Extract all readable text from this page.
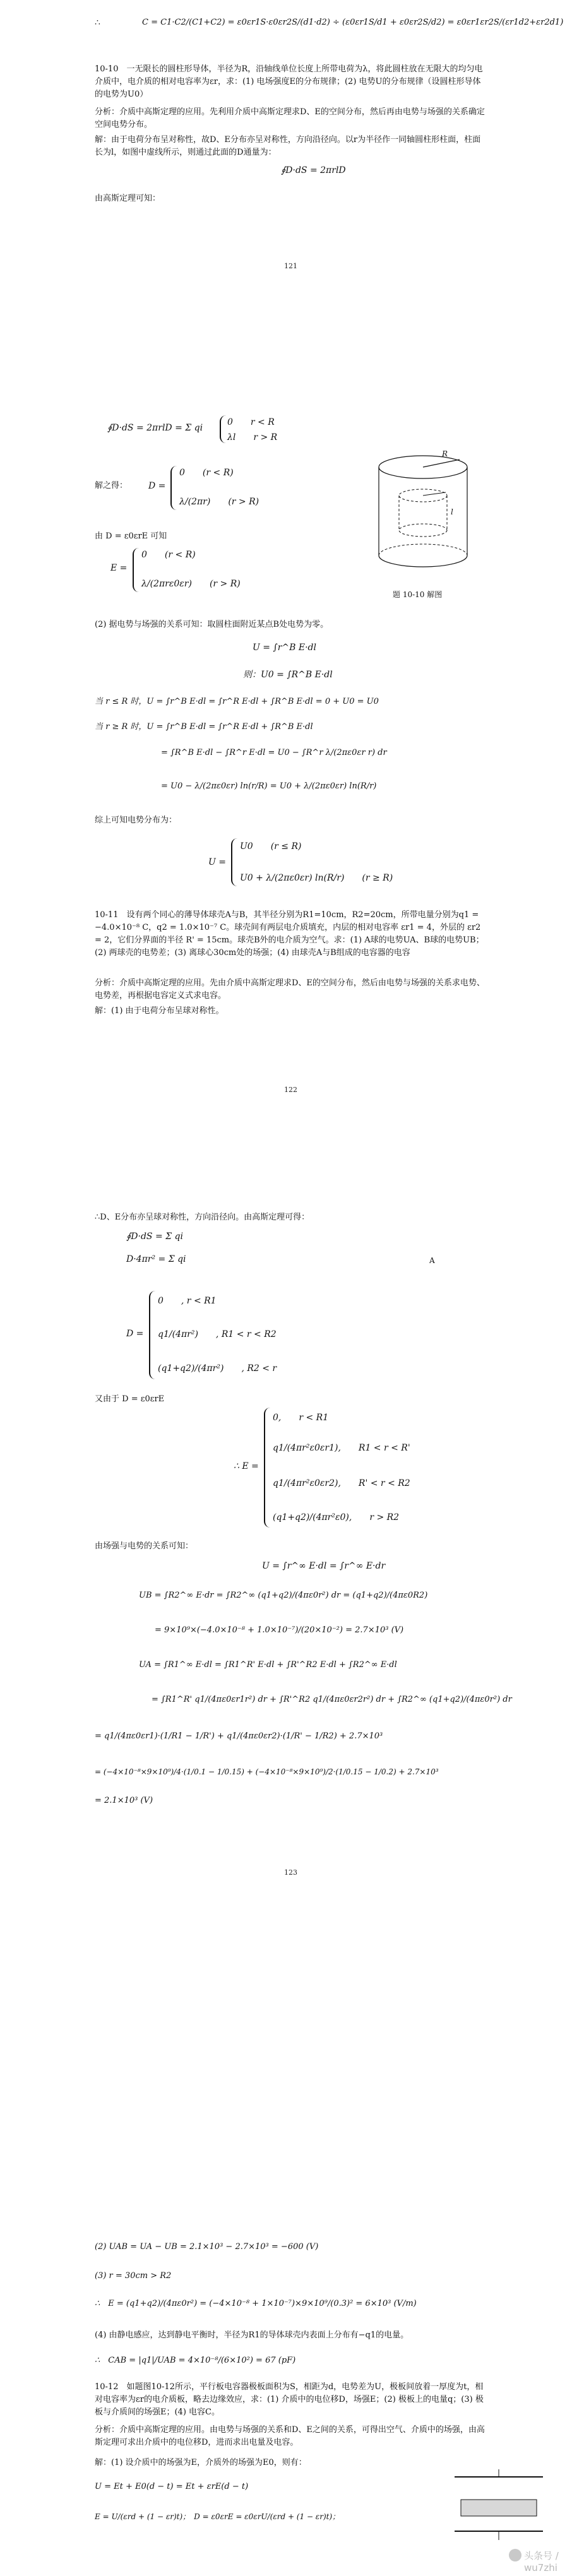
∴	C = C1·C2/(C1+C2) = ε0εr1S·ε0εr2S/(d1·d2) ÷ (ε0εr1S/d1 + ε0εr2S/d2) = ε0εr1εr2S/(εr1d2+εr2d1)
10-10　一无限长的圆柱形导体，半径为R，沿轴线单位长度上所带电荷为λ，将此圆柱放在无限大的均匀电介质中，电介质的相对电容率为εr，求：(1) 电场强度E的分布规律；(2) 电势U的分布规律（设圆柱形导体的电势为U0）
分析：介质中高斯定理的应用。先利用介质中高斯定理求D、E的空间分布，然后再由电势与场强的关系确定空间电势分布。
解：由于电荷分布呈对称性，故D、E分布亦呈对称性，方向沿径向。以r为半径作一同轴圆柱形柱面，柱面长为l，如图中虚线所示，则通过此面的D通量为：
∮D·dS = 2πrlD
由高斯定理可知：
121
∮D·dS = 2πrlD = Σ qi
0　　r < R
λl　　r > R
解之得： D =
0　　(r < R)
λ/(2πr)　　(r > R)
由 D = ε0εrE 可知
E =
0　　(r < R)
λ/(2πrε0εr)　　(r > R)
R
l
题 10-10 解图
(2) 据电势与场强的关系可知：取圆柱面附近某点B处电势为零。
U = ∫r^B E·dl
则：U0 = ∫R^B E·dl
当 r ≤ R 时，U = ∫r^B E·dl = ∫r^R E·dl + ∫R^B E·dl = 0 + U0 = U0
当 r ≥ R 时，U = ∫r^B E·dl = ∫r^R E·dl + ∫R^B E·dl
= ∫R^B E·dl − ∫R^r E·dl = U0 − ∫R^r λ/(2πε0εr r) dr
= U0 − λ/(2πε0εr) ln(r/R) = U0 + λ/(2πε0εr) ln(R/r)
综上可知电势分布为：
U =
U0　　(r ≤ R)
U0 + λ/(2πε0εr) ln(R/r)　　(r ≥ R)
10-11　设有两个同心的薄导体球壳A与B，其半径分别为R1=10cm，R2=20cm，所带电量分别为q1 = −4.0×10⁻⁸ C，q2 = 1.0×10⁻⁷ C。球壳间有两层电介质填充，内层的相对电容率 εr1 = 4，外层的 εr2 = 2，它们分界面的半径 R' = 15cm。球壳B外的电介质为空气。求：(1) A球的电势UA、B球的电势UB；(2) 两球壳的电势差；(3) 离球心30cm处的场强；(4) 由球壳A与B组成的电容器的电容
分析：介质中高斯定理的应用。先由介质中高斯定理求D、E的空间分布，然后由电势与场强的关系求电势、电势差，再根据电容定义式求电容。
解：(1) 由于电荷分布呈球对称性。
122
∴D、E分布亦呈球对称性，方向沿径向。由高斯定理可得：
∮D·dS = Σ qi
D·4πr² = Σ qi	A
D =
0　　, r < R1
q1/(4πr²)　　, R1 < r < R2
(q1+q2)/(4πr²)　　, R2 < r
又由于 D = ε0εrE
∴ E =
0,　　r < R1
q1/(4πr²ε0εr1),　　R1 < r < R'
q1/(4πr²ε0εr2),　　R' < r < R2
(q1+q2)/(4πr²ε0),　　r > R2
由场强与电势的关系可知：
U = ∫r^∞ E·dl = ∫r^∞ E·dr
UB = ∫R2^∞ E·dr = ∫R2^∞ (q1+q2)/(4πε0r²) dr = (q1+q2)/(4πε0R2)
= 9×10⁹×(−4.0×10⁻⁸ + 1.0×10⁻⁷)/(20×10⁻²) = 2.7×10³ (V)
UA = ∫R1^∞ E·dl = ∫R1^R' E·dl + ∫R'^R2 E·dl + ∫R2^∞ E·dl
= ∫R1^R' q1/(4πε0εr1r²) dr + ∫R'^R2 q1/(4πε0εr2r²) dr + ∫R2^∞ (q1+q2)/(4πε0r²) dr
= q1/(4πε0εr1)·(1/R1 − 1/R') + q1/(4πε0εr2)·(1/R' − 1/R2) + 2.7×10³
= (−4×10⁻⁸×9×10⁹)/4·(1/0.1 − 1/0.15) + (−4×10⁻⁸×9×10⁹)/2·(1/0.15 − 1/0.2) + 2.7×10³
= 2.1×10³ (V)
123
(2) UAB = UA − UB = 2.1×10³ − 2.7×10³ = −600 (V)
(3) r = 30cm > R2
∴　E = (q1+q2)/(4πε0r²) = (−4×10⁻⁸ + 1×10⁻⁷)×9×10⁹/(0.3)² = 6×10³ (V/m)
(4) 由静电感应，达到静电平衡时，半径为R1的导体球壳内表面上分布有−q1的电量。
∴　CAB = |q1|/UAB = 4×10⁻⁸/(6×10²) = 67 (pF)
10-12　如题图10-12所示，平行板电容器极板面积为S，相距为d，电势差为U，极板间放着一厚度为t，相对电容率为εr的电介质板，略去边缘效应，求：(1) 介质中的电位移D，场强E；(2) 极板上的电量q；(3) 极板与介质间的场强E；(4) 电容C。
分析：介质中高斯定理的应用。由电势与场强的关系和D、E之间的关系，可得出空气、介质中的场强，由高斯定理可求出介质中的电位移D，进而求出电量及电容。
解：(1) 设介质中的场强为E，介质外的场强为E0，则有：
U = Et + E0(d − t) = Et + εrE(d − t)
E = U/(εrd + (1 − εr)t)；　D = ε0εrE = ε0εrU/(εrd + (1 − εr)t)；
头条号 / wu7zhi
